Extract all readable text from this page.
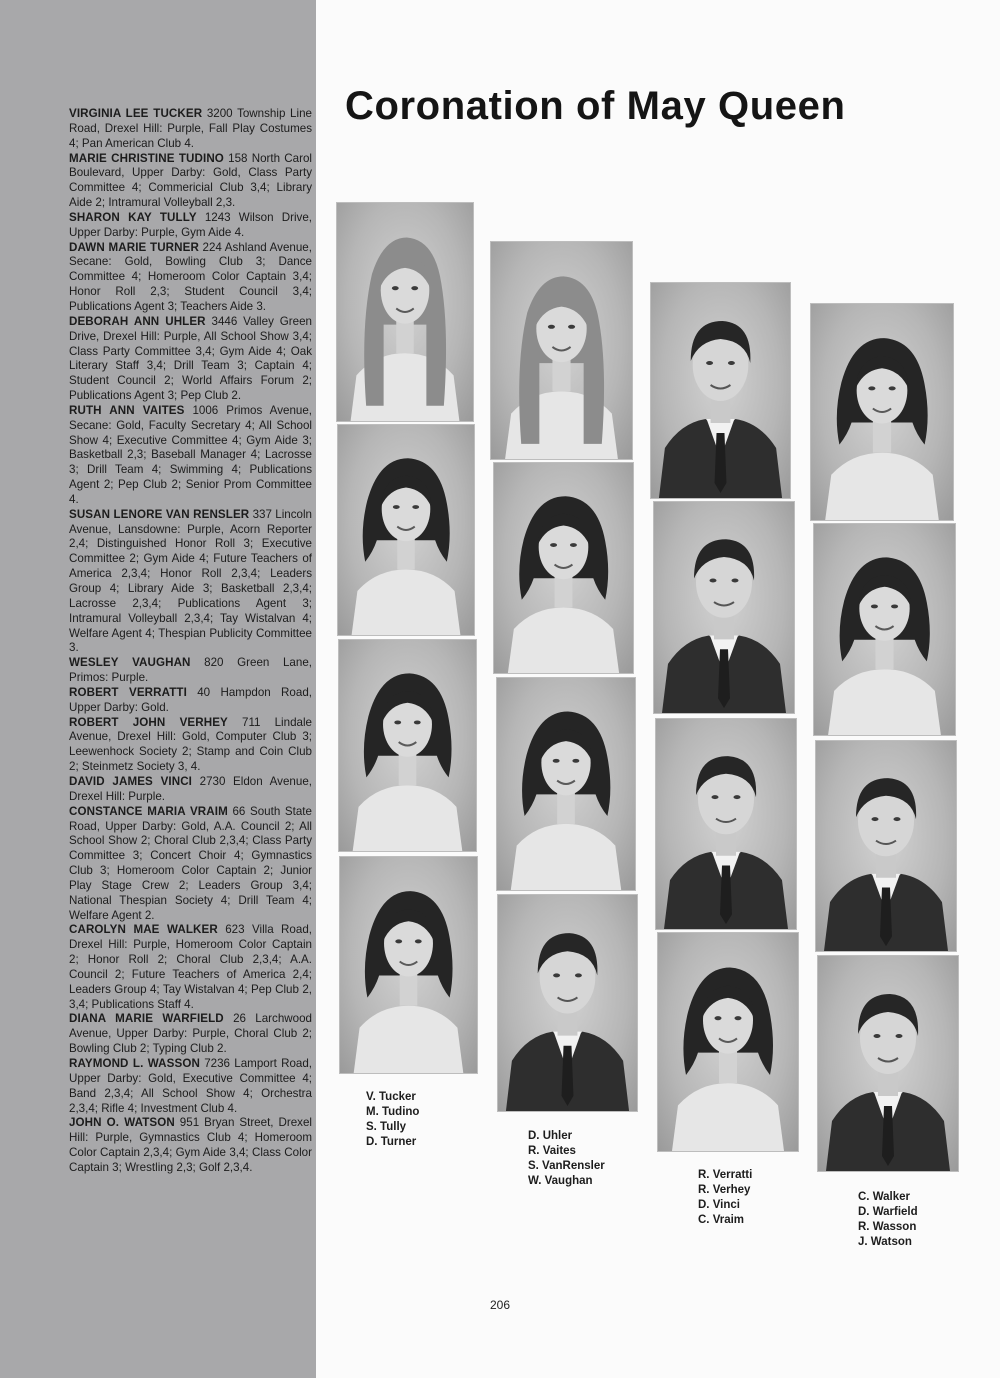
VIRGINIA LEE TUCKER 3200 Township Line Road, Drexel Hill: Purple, Fall Play Costumes 4; Pan American Club 4.

MARIE CHRISTINE TUDINO 158 North Carol Boulevard, Upper Darby: Gold, Class Party Committee 4; Commericial Club 3,4; Library Aide 2; Intramural Volleyball 2,3.

SHARON KAY TULLY 1243 Wilson Drive, Upper Darby: Purple, Gym Aide 4.

DAWN MARIE TURNER 224 Ashland Avenue, Secane: Gold, Bowling Club 3; Dance Committee 4; Homeroom Color Captain 3,4; Honor Roll 2,3; Student Council 3,4; Publications Agent 3; Teachers Aide 3.

DEBORAH ANN UHLER 3446 Valley Green Drive, Drexel Hill: Purple, All School Show 3,4; Class Party Committee 3,4; Gym Aide 4; Oak Literary Staff 3,4; Drill Team 3; Captain 4; Student Council 2; World Affairs Forum 2; Publications Agent 3; Pep Club 2.

RUTH ANN VAITES 1006 Primos Avenue, Secane: Gold, Faculty Secretary 4; All School Show 4; Executive Committee 4; Gym Aide 3; Basketball 2,3; Baseball Manager 4; Lacrosse 3; Drill Team 4; Swimming 4; Publications Agent 2; Pep Club 2; Senior Prom Committee 4.

SUSAN LENORE VAN RENSLER 337 Lincoln Avenue, Lansdowne: Purple, Acorn Reporter 2,4; Distinguished Honor Roll 3; Executive Committee 2; Gym Aide 4; Future Teachers of America 2,3,4; Honor Roll 2,3,4; Leaders Group 4; Library Aide 3; Basketball 2,3,4; Lacrosse 2,3,4; Publications Agent 3; Intramural Volleyball 2,3,4; Tay Wistalvan 4; Welfare Agent 4; Thespian Publicity Committee 3.

WESLEY VAUGHAN 820 Green Lane, Primos: Purple.

ROBERT VERRATTI 40 Hampdon Road, Upper Darby: Gold.

ROBERT JOHN VERHEY 711 Lindale Avenue, Drexel Hill: Gold, Computer Club 3; Leewenhock Society 2; Stamp and Coin Club 2; Steinmetz Society 3, 4.

DAVID JAMES VINCI 2730 Eldon Avenue, Drexel Hill: Purple.

CONSTANCE MARIA VRAIM 66 South State Road, Upper Darby: Gold, A.A. Council 2; All School Show 2; Choral Club 2,3,4; Class Party Committee 3; Concert Choir 4; Gymnastics Club 3; Homeroom Color Captain 2; Junior Play Stage Crew 2; Leaders Group 3,4; National Thespian Society 4; Drill Team 4; Welfare Agent 2.

CAROLYN MAE WALKER 623 Villa Road, Drexel Hill: Purple, Homeroom Color Captain 2; Honor Roll 2; Choral Club 2,3,4; A.A. Council 2; Future Teachers of America 2,4; Leaders Group 4; Tay Wistalvan 4; Pep Club 2, 3,4; Publications Staff 4.

DIANA MARIE WARFIELD 26 Larchwood Avenue, Upper Darby: Purple, Choral Club 2; Bowling Club 2; Typing Club 2.

RAYMOND L. WASSON 7236 Lamport Road, Upper Darby: Gold, Executive Committee 4; Band 2,3,4; All School Show 4; Orchestra 2,3,4; Rifle 4; Investment Club 4.

JOHN O. WATSON 951 Bryan Street, Drexel Hill: Purple, Gymnastics Club 4; Homeroom Color Captain 2,3,4; Gym Aide 3,4; Class Color Captain 3; Wrestling 2,3; Golf 2,3,4.

Coronation of May Queen
V. Tucker
M. Tudino
S. Tully
D. Turner	D. Uhler
R. Vaites
S. VanRensler
W. Vaughan	R. Verratti
R. Verhey
D. Vinci
C. Vraim
C. Walker
D. Warfield
R. Wasson
J. Watson
206
